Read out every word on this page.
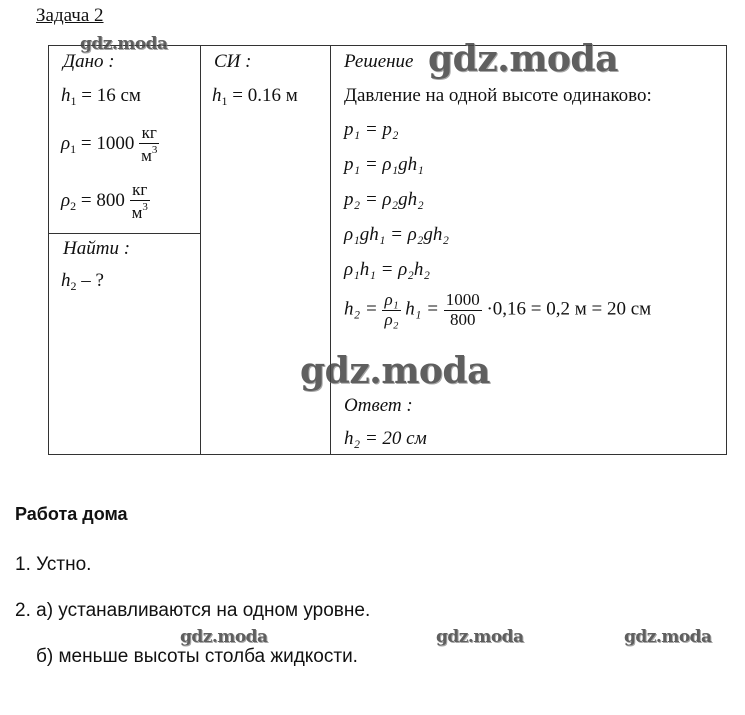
Задача 2
Дано :
$h_1 = 16$ см
$\rho_1 = 1000 \frac{кг}{м^3}$
$\rho_2 = 800 \frac{кг}{м^3}$
Найти :
$h_2$ – ?
СИ :
$h_1 = 0.16$ м
Решение
Давление на одной высоте одинаково:
p₁ = p₂
p₁ = ρ₁gh₁
p₂ = ρ₂gh₂
ρ₁gh₁ = ρ₂gh₂
ρ₁h₁ = ρ₂h₂
$h_2 = \frac{\text{ρ₁}}{\text{ρ₂}} h_1 = \frac{1000}{800} \cdot 0,16 = 0,2$ м = 20 см
Ответ :
h₂ = 20 см
gdz.moda	gdz.moda
gdz.moda
gdz.moda	gdz.moda	gdz.moda
Работа дома
1. Устно.
2. а) устанавливаются на одном уровне.
б) меньше высоты столба жидкости.
